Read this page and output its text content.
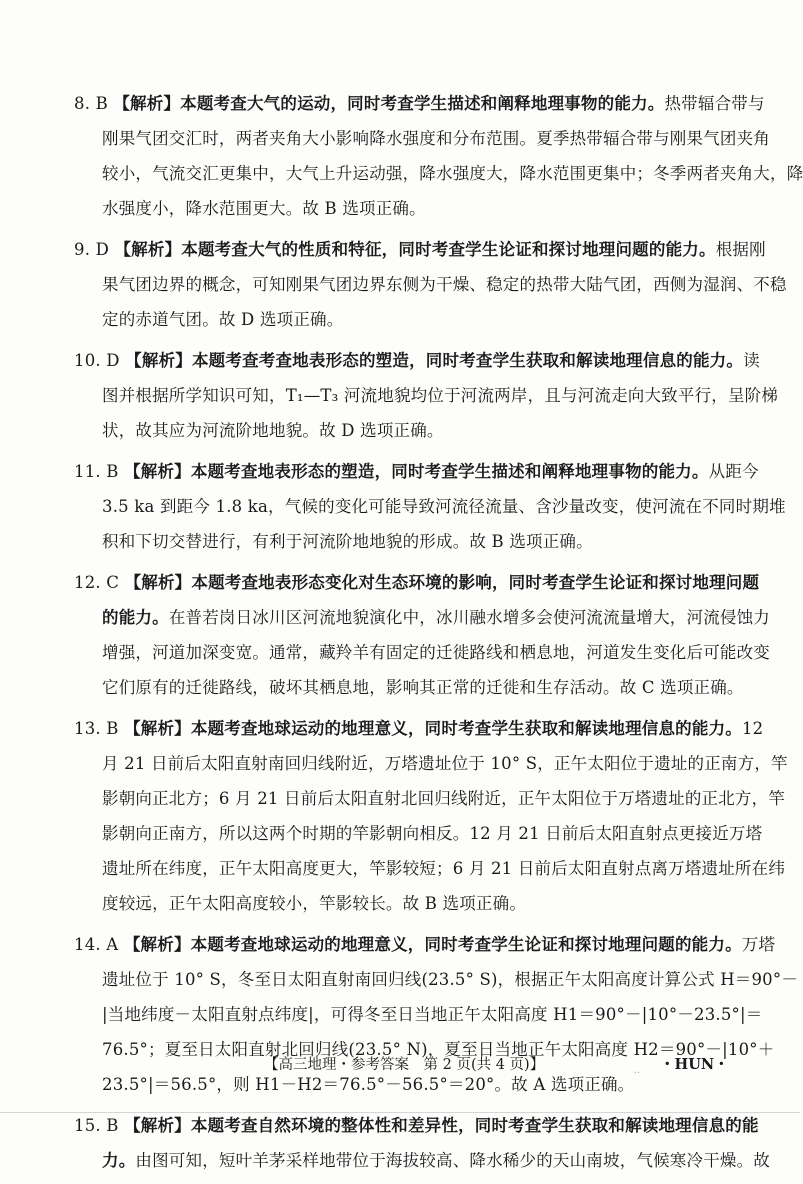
8. B 【解析】本题考查大气的运动，同时考查学生描述和阐释地理事物的能力。热带辐合带与
刚果气团交汇时，两者夹角大小影响降水强度和分布范围。夏季热带辐合带与刚果气团夹角
较小，气流交汇更集中，大气上升运动强，降水强度大，降水范围更集中；冬季两者夹角大，降
水强度小，降水范围更大。故 B 选项正确。
9. D 【解析】本题考查大气的性质和特征，同时考查学生论证和探讨地理问题的能力。根据刚
果气团边界的概念，可知刚果气团边界东侧为干燥、稳定的热带大陆气团，西侧为湿润、不稳
定的赤道气团。故 D 选项正确。
10. D 【解析】本题考查考查地表形态的塑造，同时考查学生获取和解读地理信息的能力。读
图并根据所学知识可知，T₁—T₃ 河流地貌均位于河流两岸，且与河流走向大致平行，呈阶梯
状，故其应为河流阶地地貌。故 D 选项正确。
11. B 【解析】本题考查地表形态的塑造，同时考查学生描述和阐释地理事物的能力。从距今
3.5 ka 到距今 1.8 ka，气候的变化可能导致河流径流量、含沙量改变，使河流在不同时期堆
积和下切交替进行，有利于河流阶地地貌的形成。故 B 选项正确。
12. C 【解析】本题考查地表形态变化对生态环境的影响，同时考查学生论证和探讨地理问题
的能力。在普若岗日冰川区河流地貌演化中，冰川融水增多会使河流流量增大，河流侵蚀力
增强，河道加深变宽。通常，藏羚羊有固定的迁徙路线和栖息地，河道发生变化后可能改变
它们原有的迁徙路线，破坏其栖息地，影响其正常的迁徙和生存活动。故 C 选项正确。
13. B 【解析】本题考查地球运动的地理意义，同时考查学生获取和解读地理信息的能力。12
月 21 日前后太阳直射南回归线附近，万塔遗址位于 10° S，正午太阳位于遗址的正南方，竿
影朝向正北方；6 月 21 日前后太阳直射北回归线附近，正午太阳位于万塔遗址的正北方，竿
影朝向正南方，所以这两个时期的竿影朝向相反。12 月 21 日前后太阳直射点更接近万塔
遗址所在纬度，正午太阳高度更大，竿影较短；6 月 21 日前后太阳直射点离万塔遗址所在纬
度较远，正午太阳高度较小，竿影较长。故 B 选项正确。
14. A 【解析】本题考查地球运动的地理意义，同时考查学生论证和探讨地理问题的能力。万塔
遗址位于 10° S，冬至日太阳直射南回归线(23.5° S)，根据正午太阳高度计算公式 H＝90°－
|当地纬度－太阳直射点纬度|，可得冬至日当地正午太阳高度 H1＝90°－|10°－23.5°|＝
76.5°；夏至日太阳直射北回归线(23.5° N)，夏至日当地正午太阳高度 H2＝90°－|10°＋
23.5°|＝56.5°，则 H1－H2＝76.5°－56.5°＝20°。故 A 选项正确。
15. B 【解析】本题考查自然环境的整体性和差异性，同时考查学生获取和解读地理信息的能
力。由图可知，短叶羊茅采样地带位于海拔较高、降水稀少的天山南坡，气候寒冷干燥。故
【高三地理・参考答案　第 2 页(共 4 页)】	.. ・HUN・
